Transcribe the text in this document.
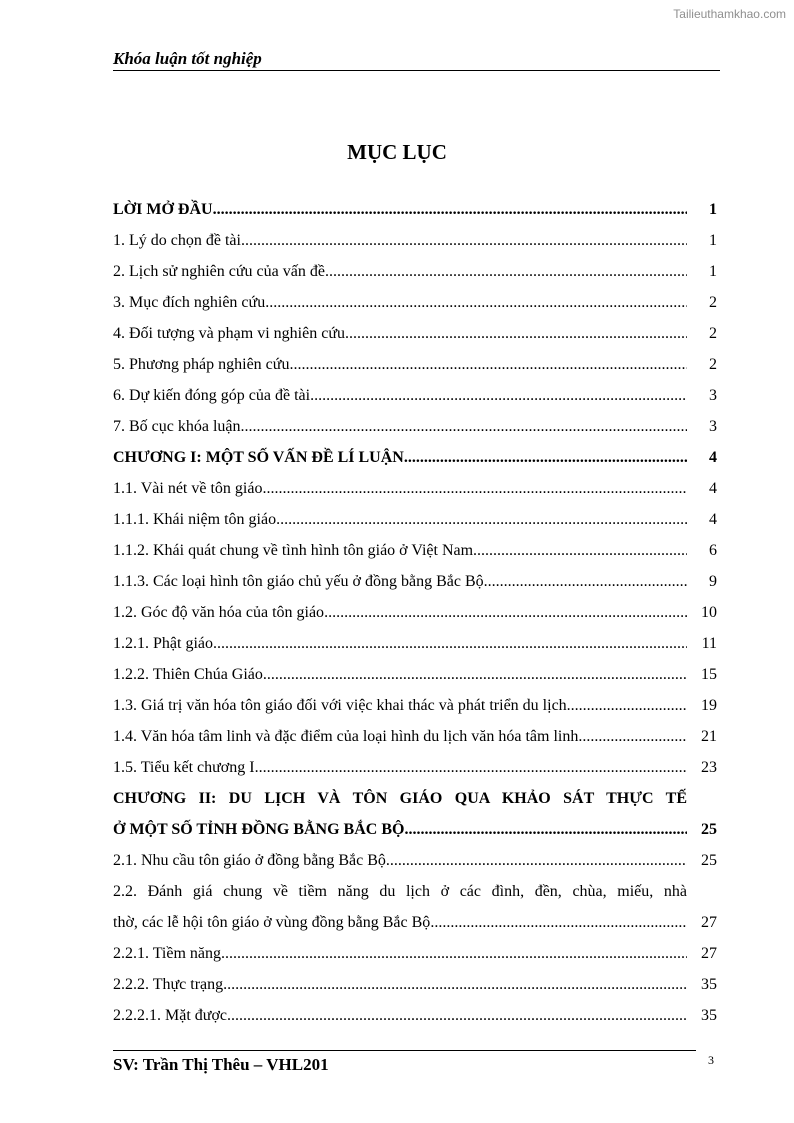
Tailieuthamkhao.com
Khóa luận tốt nghiệp
MỤC LỤC
LỜI MỞ ĐẦU .....	1
1. Lý do chọn đề tài .....	1
2. Lịch sử nghiên cứu của vấn đề .....	1
3. Mục đích nghiên cứu .....	2
4. Đối tượng và phạm vi nghiên cứu .....	2
5. Phương pháp nghiên cứu .....	2
6. Dự kiến đóng góp của đề tài .....	3
7. Bố cục khóa luận .....	3
CHƯƠNG I: MỘT SỐ VẤN ĐỀ LÍ LUẬN .....	4
1.1. Vài nét về tôn giáo .....	4
1.1.1. Khái niệm tôn giáo .....	4
1.1.2. Khái quát chung về tình hình tôn giáo ở Việt Nam .....	6
1.1.3. Các loại hình tôn giáo chủ yếu ở đồng bằng Bắc Bộ .....	9
1.2. Góc độ văn hóa của tôn giáo .....	10
1.2.1. Phật giáo .....	11
1.2.2. Thiên Chúa Giáo .....	15
1.3. Giá trị văn hóa tôn giáo đối với việc khai thác và phát triển du lịch .....	19
1.4. Văn hóa tâm linh và đặc điểm của loại hình du lịch văn hóa tâm linh .....	21
1.5. Tiểu kết chương I .....	23
CHƯƠNG II: DU LỊCH VÀ TÔN GIÁO QUA KHẢO SÁT THỰC TẾ
Ở MỘT SỐ TỈNH ĐỒNG BẰNG BẮC BỘ .....	25
2.1. Nhu cầu tôn giáo ở đồng bằng Bắc Bộ .....	25
2.2. Đánh giá chung về tiềm năng du lịch ở các đình, đền, chùa, miếu, nhà
thờ, các lễ hội tôn giáo ở vùng đồng bằng Bắc Bộ .....	27
2.2.1. Tiềm năng .....	27
2.2.2. Thực trạng .....	35
2.2.2.1. Mặt được .....	35
SV: Trần Thị Thêu – VHL201	3
